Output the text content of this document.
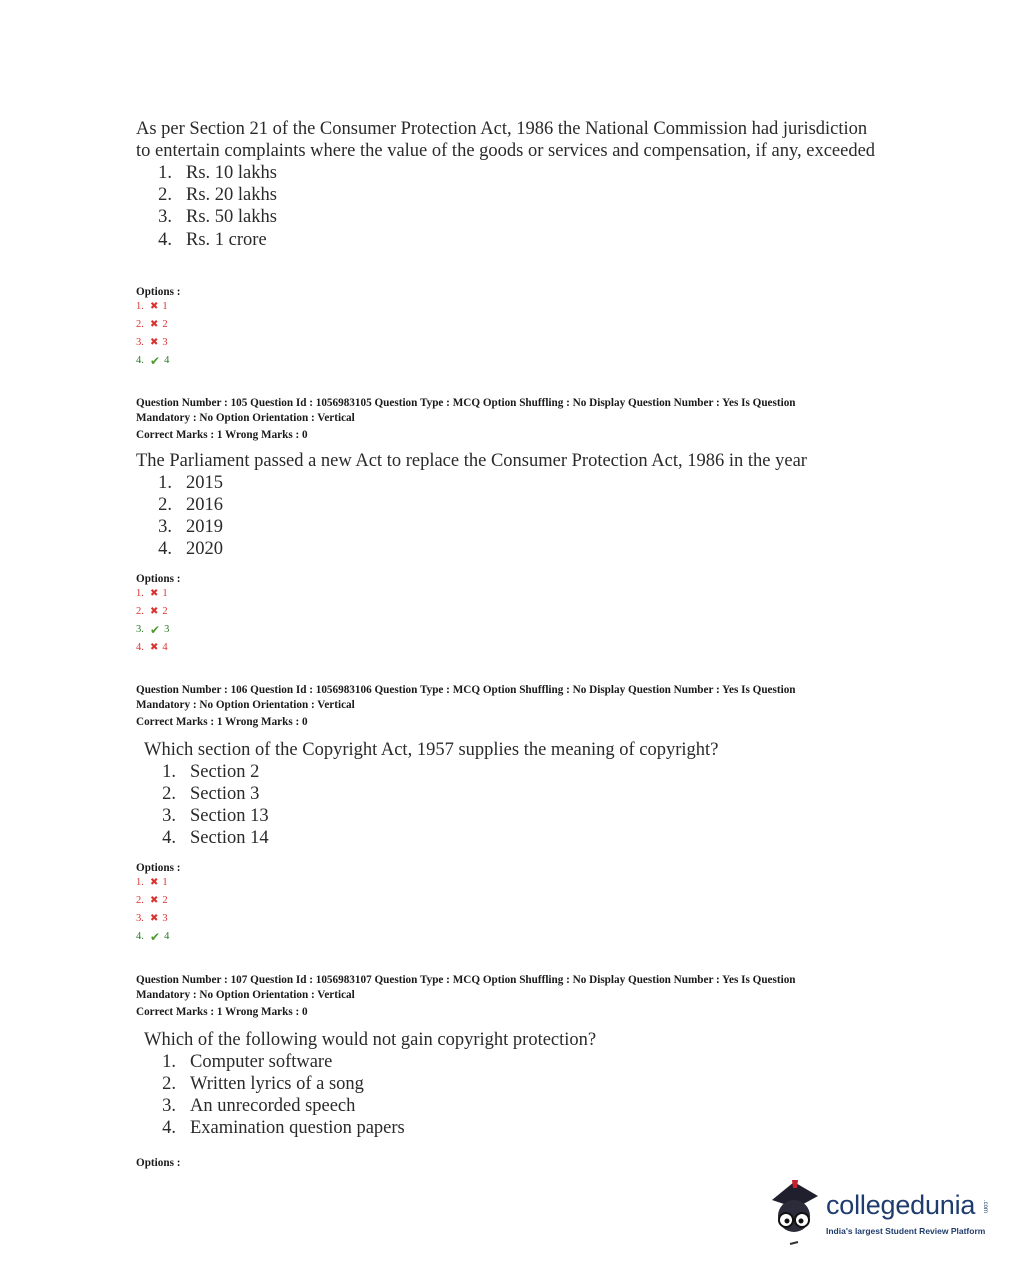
As per Section 21 of the Consumer Protection Act, 1986 the National Commission had jurisdiction to entertain complaints where the value of the goods or services and compensation, if any, exceeded
1. Rs. 10 lakhs
2. Rs. 20 lakhs
3. Rs. 50 lakhs
4. Rs. 1 crore
Options :
1. ✖ 1
2. ✖ 2
3. ✖ 3
4. ✔ 4
Question Number : 105 Question Id : 1056983105 Question Type : MCQ Option Shuffling : No Display Question Number : Yes Is Question
Mandatory : No Option Orientation : Vertical
Correct Marks : 1 Wrong Marks : 0
The Parliament passed a new Act to replace the Consumer Protection Act, 1986 in the year
1. 2015
2. 2016
3. 2019
4. 2020
Options :
1. ✖ 1
2. ✖ 2
3. ✔ 3
4. ✖ 4
Question Number : 106 Question Id : 1056983106 Question Type : MCQ Option Shuffling : No Display Question Number : Yes Is Question
Mandatory : No Option Orientation : Vertical
Correct Marks : 1 Wrong Marks : 0
Which section of the Copyright Act, 1957 supplies the meaning of copyright?
1. Section 2
2. Section 3
3. Section 13
4. Section 14
Options :
1. ✖ 1
2. ✖ 2
3. ✖ 3
4. ✔ 4
Question Number : 107 Question Id : 1056983107 Question Type : MCQ Option Shuffling : No Display Question Number : Yes Is Question
Mandatory : No Option Orientation : Vertical
Correct Marks : 1 Wrong Marks : 0
Which of the following would not gain copyright protection?
1. Computer software
2. Written lyrics of a song
3. An unrecorded speech
4. Examination question papers
Options :
collegedunia .com
India's largest Student Review Platform
